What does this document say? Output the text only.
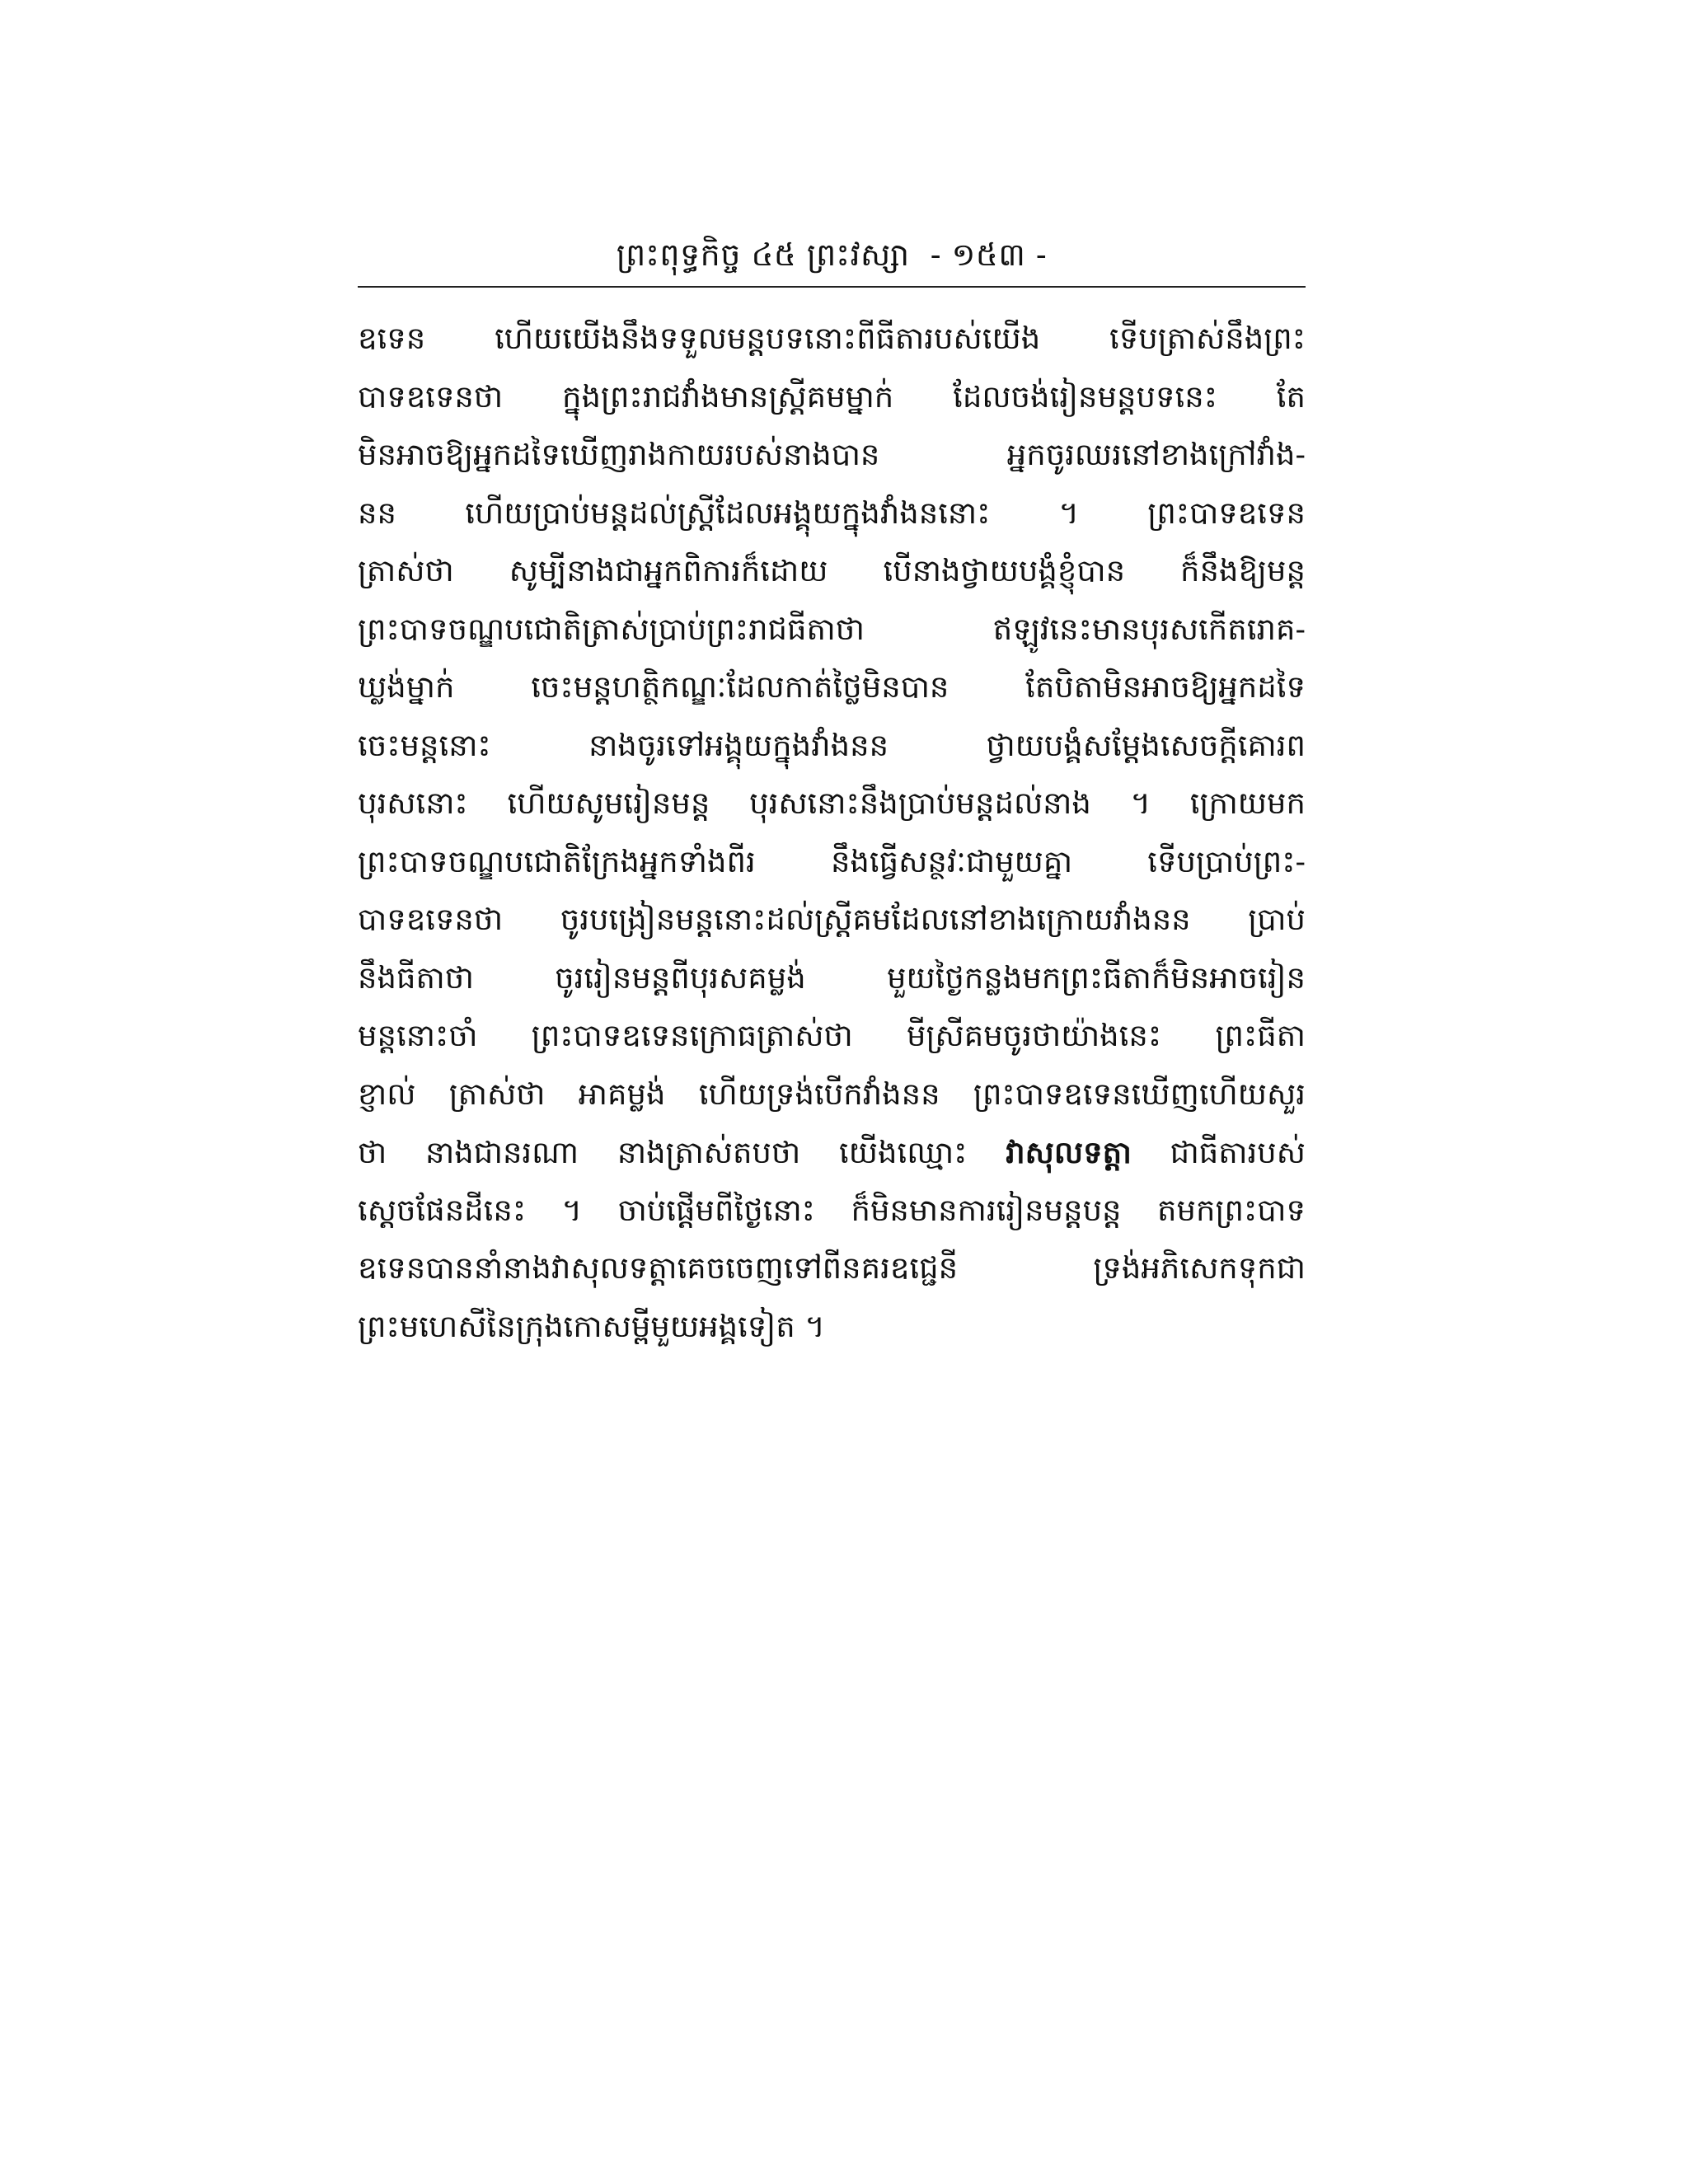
ព្រះពុទ្ធកិច្ច ៤៥ ព្រះវស្សា
- ១៥៣ -
ឧទេន ហើយយើងនឹងទទួលមន្តបទនោះពីធីតារបស់យើង ទើបត្រាស់នឹងព្រះ
បាទឧទេនថា ក្នុងព្រះរាជវាំងមានស្ត្រីគមម្នាក់ ដែលចង់រៀនមន្តបទនេះ តែ
មិនអាចឱ្យអ្នកដទៃឃើញរាងកាយរបស់នាងបាន អ្នកចូរឈរនៅខាងក្រៅវាំង-
នន ហើយប្រាប់មន្តដល់ស្ត្រីដែលអង្គុយក្នុងវាំងននោះ ។ ព្រះបាទឧទេន
ត្រាស់ថា សូម្បីនាងជាអ្នកពិការក៏ដោយ បើនាងថ្វាយបង្គំខ្ញុំបាន ក៏នឹងឱ្យមន្ត
ព្រះបាទចណ្ឌបជោតិត្រាស់ប្រាប់ព្រះរាជធីតាថា ឥឡូវនេះមានបុរសកើតរោគ-
ឃ្លង់ម្នាក់ ចេះមន្តហត្ថិកណ្ឌៈដែលកាត់ថ្លៃមិនបាន តែបិតាមិនអាចឱ្យអ្នកដទៃ
ចេះមន្តនោះ នាងចូរទៅអង្គុយក្នុងវាំងនន ថ្វាយបង្គំសម្តែងសេចក្តីគោរព
បុរសនោះ ហើយសូមរៀនមន្ត បុរសនោះនឹងប្រាប់មន្តដល់នាង ។ ក្រោយមក
ព្រះបាទចណ្ឌបជោតិក្រែងអ្នកទាំងពីរ នឹងធ្វើសន្ថវៈជាមួយគ្នា ទើបប្រាប់ព្រះ-
បាទឧទេនថា ចូរបង្រៀនមន្តនោះដល់ស្ត្រីគមដែលនៅខាងក្រោយវាំងនន ប្រាប់
នឹងធីតាថា ចូររៀនមន្តពីបុរសគម្លង់ មួយថ្ងៃកន្លងមកព្រះធីតាក៏មិនអាចរៀន
មន្តនោះចាំ ព្រះបាទឧទេនក្រោធត្រាស់ថា មីស្រីគមចូរថាយ៉ាងនេះ ព្រះធីតា
ខ្ញាល់ ត្រាស់ថា អាគម្លង់ ហើយទ្រង់បើកវាំងនន ព្រះបាទឧទេនឃើញហើយសួរ
ថា នាងជានរណា នាងត្រាស់តបថា យើងឈ្មោះ វាសុលទត្តា ជាធីតារបស់
ស្តេចផែនដីនេះ ។ ចាប់ផ្តើមពីថ្ងៃនោះ ក៏មិនមានការរៀនមន្តបន្ត តមកព្រះបាទ
ឧទេនបាននាំនាងវាសុលទត្តាគេចចេញទៅពីនគរឧជ្ជេនី ទ្រង់អភិសេកទុកជា
ព្រះមហេសីនៃក្រុងកោសម្ពីមួយអង្គទៀត ។
